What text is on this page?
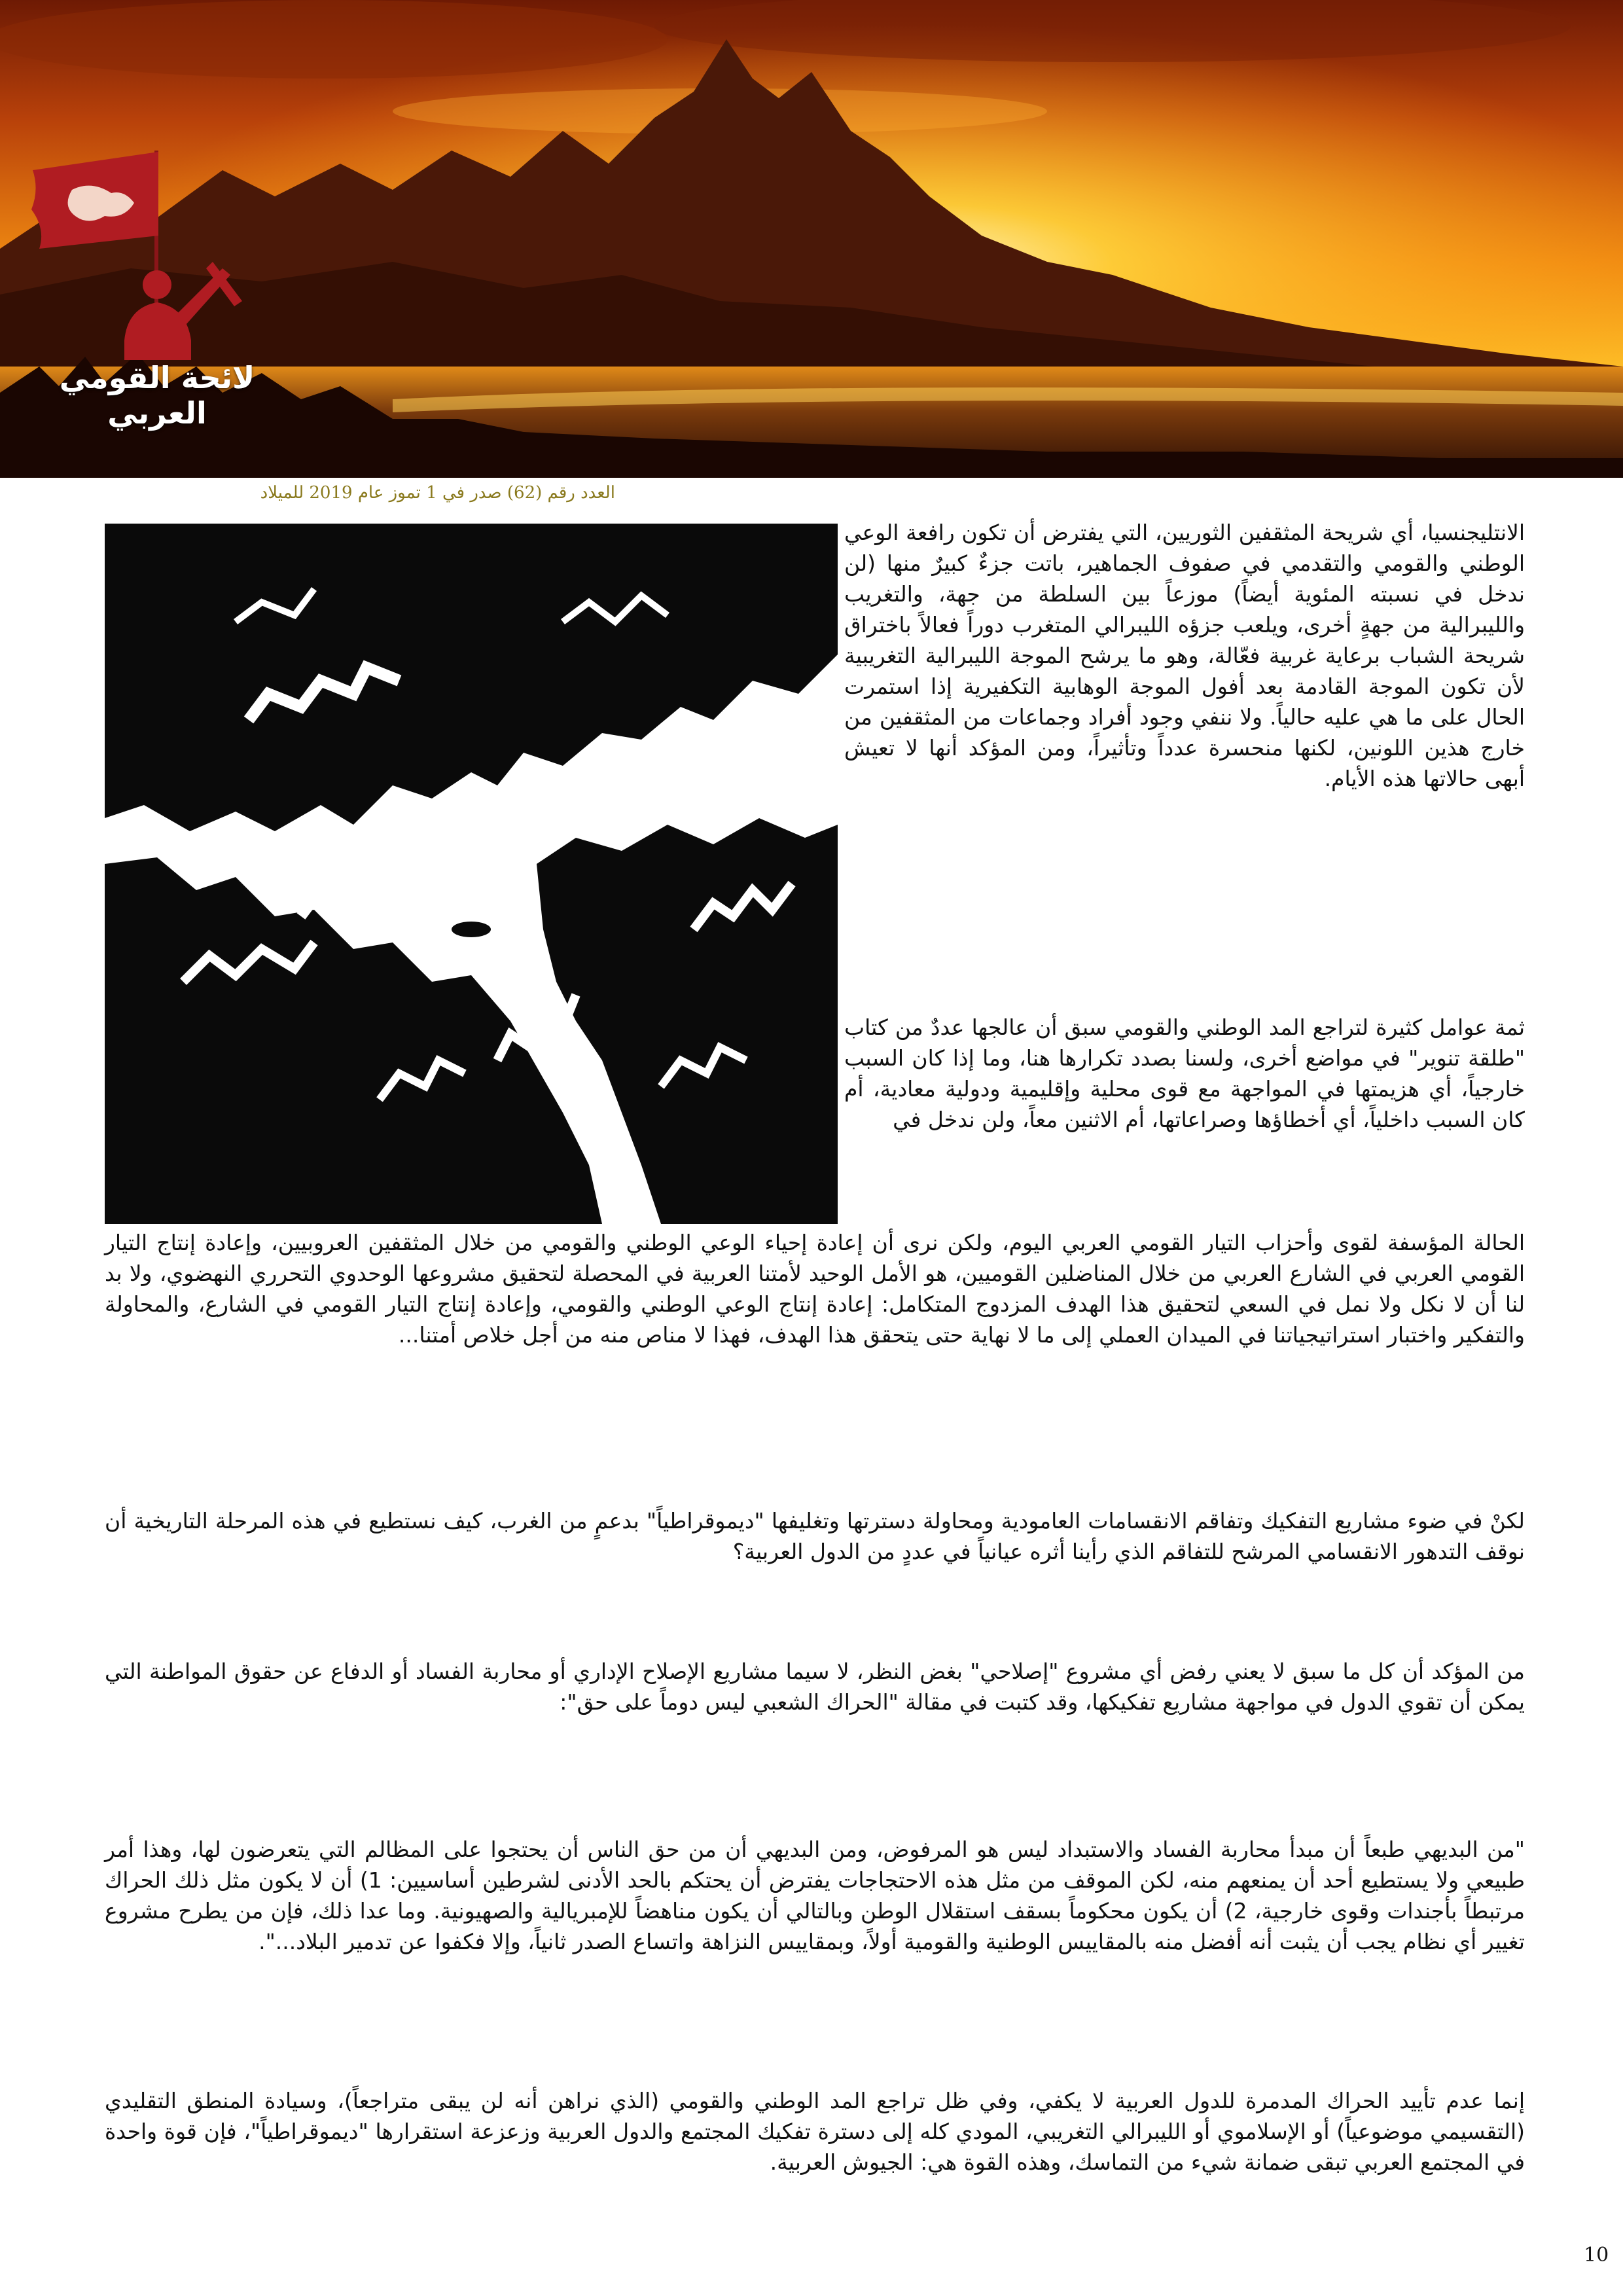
لائحة القومي العربي
العدد رقم (62) صدر في 1 تموز عام 2019 للميلاد

الانتليجنسيا، أي شريحة المثقفين الثوريين، التي يفترض أن تكون رافعة الوعي الوطني والقومي والتقدمي في صفوف الجماهير، باتت جزءٌ كبيرٌ منها (لن ندخل في نسبته المئوية أيضاً) موزعاً بين السلطة من جهة، والتغريب والليبرالية من جهةٍ أخرى، ويلعب جزؤه الليبرالي المتغرب دوراً فعالاً باختراق شريحة الشباب برعاية غربية فعّالة، وهو ما يرشح الموجة الليبرالية التغريبية لأن تكون الموجة القادمة بعد أفول الموجة الوهابية التكفيرية إذا استمرت الحال على ما هي عليه حالياً. ولا ننفي وجود أفراد وجماعات من المثقفين من خارج هذين اللونين، لكنها منحسرة عدداً وتأثيراً، ومن المؤكد أنها لا تعيش أبهى حالاتها هذه الأيام.

ثمة عوامل كثيرة لتراجع المد الوطني والقومي سبق أن عالجها عددٌ من كتاب "طلقة تنوير" في مواضع أخرى، ولسنا بصدد تكرارها هنا، وما إذا كان السبب خارجياً، أي هزيمتها في المواجهة مع قوى محلية وإقليمية ودولية معادية، أم كان السبب داخلياً، أي أخطاؤها وصراعاتها، أم الاثنين معاً، ولن ندخل في

الحالة المؤسفة لقوى وأحزاب التيار القومي العربي اليوم، ولكن نرى أن إعادة إحياء الوعي الوطني والقومي من خلال المثقفين العروبيين، وإعادة إنتاج التيار القومي العربي في الشارع العربي من خلال المناضلين القوميين، هو الأمل الوحيد لأمتنا العربية في المحصلة لتحقيق مشروعها الوحدوي التحرري النهضوي، ولا بد لنا أن لا نكل ولا نمل في السعي لتحقيق هذا الهدف المزدوج المتكامل: إعادة إنتاج الوعي الوطني والقومي، وإعادة إنتاج التيار القومي في الشارع، والمحاولة والتفكير واختبار استراتيجياتنا في الميدان العملي إلى ما لا نهاية حتى يتحقق هذا الهدف، فهذا لا مناص منه من أجل خلاص أمتنا...

لكنْ في ضوء مشاريع التفكيك وتفاقم الانقسامات العامودية ومحاولة دسترتها وتغليفها "ديموقراطياً" بدعمٍ من الغرب، كيف نستطيع في هذه المرحلة التاريخية أن نوقف التدهور الانقسامي المرشح للتفاقم الذي رأينا أثره عيانياً في عددٍ من الدول العربية؟

من المؤكد أن كل ما سبق لا يعني رفض أي مشروع "إصلاحي" بغض النظر، لا سيما مشاريع الإصلاح الإداري أو محاربة الفساد أو الدفاع عن حقوق المواطنة التي يمكن أن تقوي الدول في مواجهة مشاريع تفكيكها، وقد كتبت في مقالة "الحراك الشعبي ليس دوماً على حق":

"من البديهي طبعاً أن مبدأ محاربة الفساد والاستبداد ليس هو المرفوض، ومن البديهي أن من حق الناس أن يحتجوا على المظالم التي يتعرضون لها، وهذا أمر طبيعي ولا يستطيع أحد أن يمنعهم منه، لكن الموقف من مثل هذه الاحتجاجات يفترض أن يحتكم بالحد الأدنى لشرطين أساسيين: 1) أن لا يكون مثل ذلك الحراك مرتبطاً بأجندات وقوى خارجية، 2) أن يكون محكوماً بسقف استقلال الوطن وبالتالي أن يكون مناهضاً للإمبريالية والصهيونية. وما عدا ذلك، فإن من يطرح مشروع تغيير أي نظام يجب أن يثبت أنه أفضل منه بالمقاييس الوطنية والقومية أولاً، وبمقاييس النزاهة واتساع الصدر ثانياً، وإلا فكفوا عن تدمير البلاد...".

إنما عدم تأييد الحراك المدمرة للدول العربية لا يكفي، وفي ظل تراجع المد الوطني والقومي (الذي نراهن أنه لن يبقى متراجعاً)، وسيادة المنطق التقليدي (التقسيمي موضوعياً) أو الإسلاموي أو الليبرالي التغريبي، المودي كله إلى دسترة تفكيك المجتمع والدول العربية وزعزعة استقرارها "ديموقراطياً"، فإن قوة واحدة في المجتمع العربي تبقى ضمانة شيء من التماسك، وهذه القوة هي: الجيوش العربية.

10
